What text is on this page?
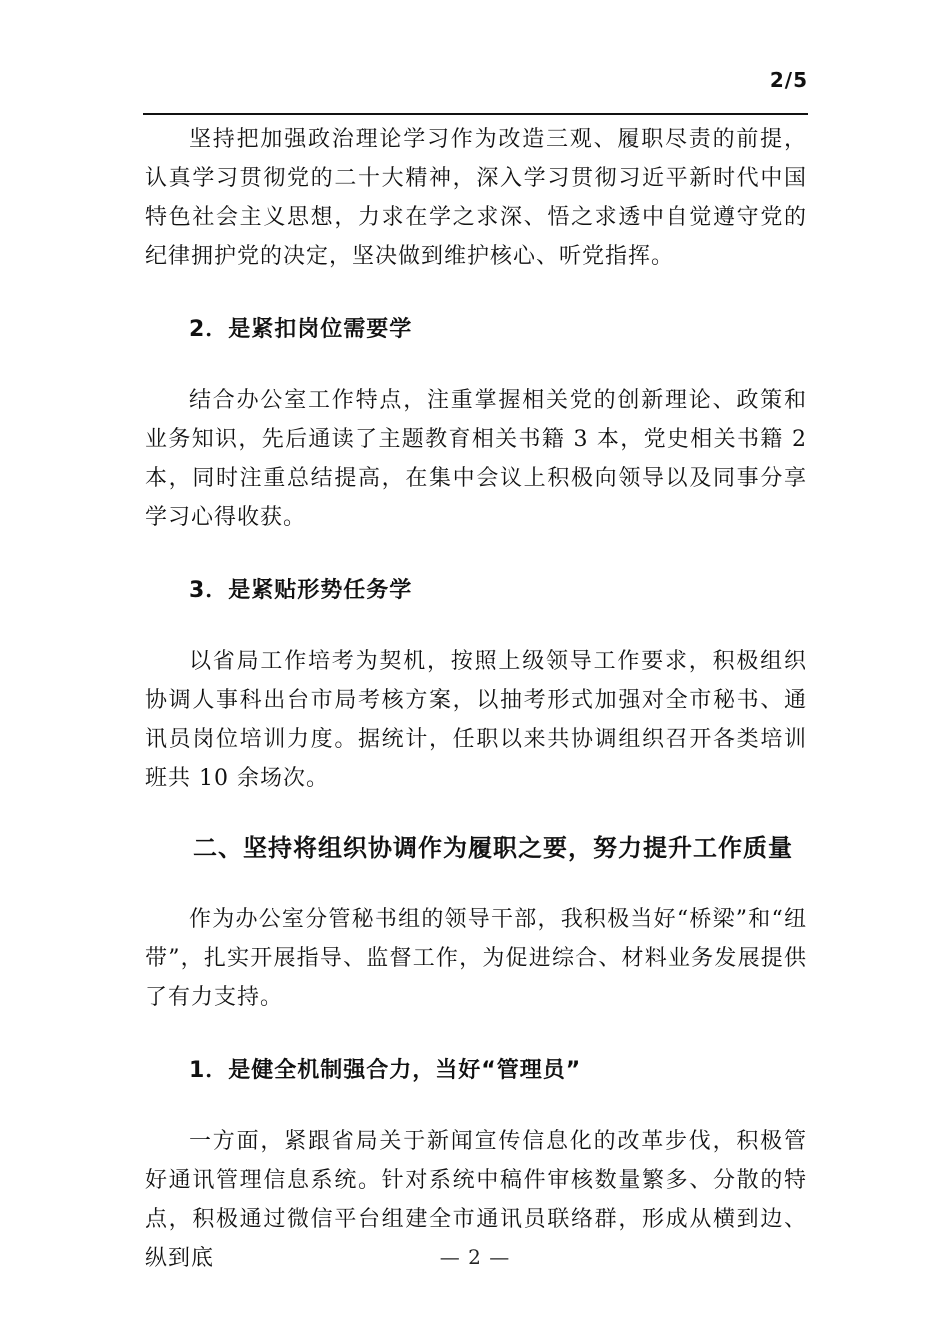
2/5

坚持把加强政治理论学习作为改造三观、履职尽责的前提，认真学习贯彻党的二十大精神，深入学习贯彻习近平新时代中国特色社会主义思想，力求在学之求深、悟之求透中自觉遵守党的纪律拥护党的决定，坚决做到维护核心、听党指挥。

2．是紧扣岗位需要学

结合办公室工作特点，注重掌握相关党的创新理论、政策和业务知识，先后通读了主题教育相关书籍 3 本，党史相关书籍 2 本，同时注重总结提高，在集中会议上积极向领导以及同事分享学习心得收获。

3．是紧贴形势任务学

以省局工作培考为契机，按照上级领导工作要求，积极组织协调人事科出台市局考核方案，以抽考形式加强对全市秘书、通讯员岗位培训力度。据统计，任职以来共协调组织召开各类培训班共 10 余场次。

二、坚持将组织协调作为履职之要，努力提升工作质量

作为办公室分管秘书组的领导干部，我积极当好“桥梁”和“纽带”，扎实开展指导、监督工作，为促进综合、材料业务发展提供了有力支持。

1．是健全机制强合力，当好“管理员”

一方面，紧跟省局关于新闻宣传信息化的改革步伐，积极管好通讯管理信息系统。针对系统中稿件审核数量繁多、分散的特点，积极通过微信平台组建全市通讯员联络群，形成从横到边、纵到底	— 2 —
